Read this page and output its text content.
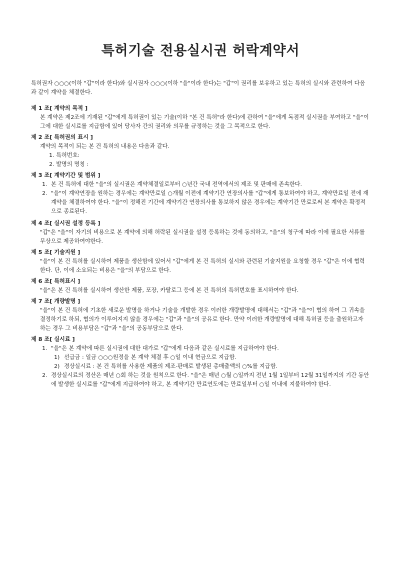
특허기술 전용실시권 허락계약서
특허권자 ○○○(이하 "갑"이라 한다)와 실시권자 ○○○(이하 "을"이라 한다)는 "갑"이 권리를 보유하고 있는 특허의 실시와 관련하여 다음과 같이 계약을 체결한다.
제 1 조[ 계약의 목적 ]
본 계약은 제2조에 기재된 "갑"에게 특허권이 있는 기술(이하 "본 건 특허"라 한다)에 관하여 "을"에게 독점적 실시권을 부여하고 "을"이 그에 대한 실시료를 지급함에 있어 당사자 간의 권리와 의무를 규정하는 것을 그 목적으로 한다.
제 2 조[ 특허권의 표시 ]
계약의 목적이 되는 본 건 특허의 내용은 다음과 같다.
1. 특허번호:
2. 발명의 명칭 :
제 3 조[ 계약기간 및 범위 ]
1. 본 건 특허에 대한 "을"의 실시권은 계약체결일로부터 ○년간 국내 전역에서의 제조 및 판매에 존속한다.
2. "을"이 계약연장을 원하는 경우에는 계약만료일 ○개월 이전에 계약기간 연장의사를 "갑"에게 통보하여야 하고, 계약만료일 전에 재계약을 체결하여야 한다. "을"이 정해진 기간에 계약기간 연장의사를 통보하지 않은 경우에는 계약기간 만료로써 본 계약은 확정적으로 종료된다.
제 4 조[ 실시권 설정 등록 ]
"갑"은 "을"이 자기의 비용으로 본 계약에 의해 허락된 실시권을 설정 등록하는 것에 동의하고, "을"의 청구에 따라 이에 필요한 서류를 무상으로 제공하여야한다.
제 5 조[ 기술지원 ]
"을"이 본 건 특허를 실시하여 제품을 생산함에 있어서 "갑"에게 본 건 특허의 실시와 관련된 기술지원을 요청할 경우 "갑"은 이에 협력한다. 단, 이에 소요되는 비용은 "을"의 부담으로 한다.
제 6 조[ 특허표시 ]
"을"은 본 건 특허를 실시하여 생산한 제품, 포장, 카탈로그 등에 본 건 특허의 특허번호를 표시하여야 한다.
제 7 조[ 개량발명 ]
"을"이 본 건 특허에 기초한 새로운 발명을 하거나 기술을 개발한 경우 이러한 개량발명에 대해서는 "갑"과 "을"이 협의 하여 그 귀속을 결정하기로 하되, 협의가 이루어지지 않을 경우에는 "갑"과 "을"의 공유로 한다. 만약 이러한 개량발명에 대해 특허권 등을 출원하고자 하는 경우 그 비용부담은 "갑"과 "을"의 공동부담으로 한다.
제 8 조[ 실시료 ]
1. "을"은 본 계약에 따른 실시권에 대한 대가로 "갑"에게 다음과 같은 실시료를 지급하여야 한다.
1) 선급금 : 일금 ○○○원정을 본 계약 체결 후 ○일 이내 현금으로 지급함.
2) 경상실시료 : 본 건 특허를 사용한 제품의 제조·판매로 발생된 총매출액의 ○%를 지급함.
2. 경상실시료의 정산은 매년 ○회 하는 것을 원칙으로 한다. "을"은 매년 ○월 ○일까지 전년 1월 1일부터 12월 31일까지의 기간 동안에 발생한 실시료를 "갑"에게 지급하여야 하고, 본 계약기간 만료연도에는 만료일부터 ○일 이내에 지불하여야 한다.
